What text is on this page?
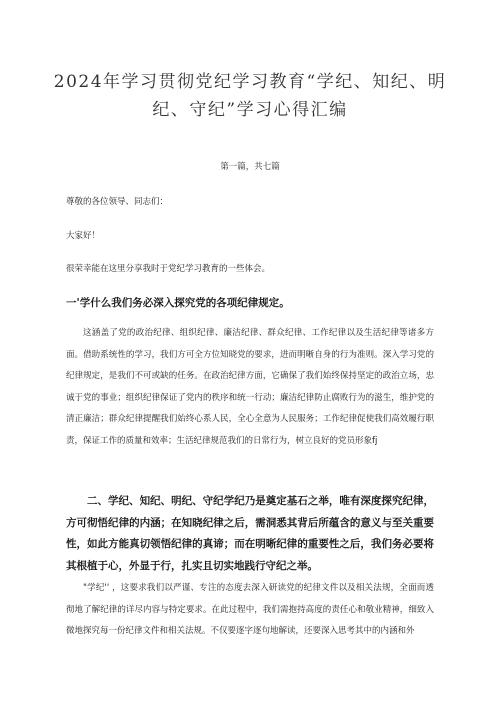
2024年学习贯彻党纪学习教育“学纪、知纪、明纪、守纪”学习心得汇编
第一篇，共七篇

尊敬的各位领导、同志们：

大家好！

很荣幸能在这里分享我时于党纪学习教育的一些体会。

一'学什么我们务必深入探究党的各项纪律规定。

这涵盖了党的政治纪律、组织纪律、廉洁纪律、群众纪律、工作纪律以及生活纪律等诸多方面。借助系统性的学习，我们方可全方位知晓党的要求，进而明晰自身的行为准则。深入学习党的纪律规定，是我们不可或缺的任务。在政治纪律方面，它确保了我们始终保持坚定的政治立场，忠诚于党的事业；组织纪律保证了党内的秩序和统一行动；廉洁纪律防止腐败行为的滋生，维护党的清正廉洁；群众纪律提醒我们始终心系人民，全心全意为人民服务；工作纪律促使我们高效履行职责，保证工作的质量和效率；生活纪律规范我们的日常行为，树立良好的党员形象fj

二、学纪、知纪、明纪、守纪学纪乃是奠定基石之举，唯有深度探究纪律，方可彻悟纪律的内涵；在知晓纪律之后，需洞悉其背后所蕴含的意义与至关重要性，如此方能真切领悟纪律的真谛；而在明晰纪律的重要性之后，我们务必要将其根植于心，外显于行，扎实且切实地践行守纪之举。

"学纪'' ，这要求我们以严谨、专注的态度去深入研读党的纪律文件以及相关法规，全面而透彻地了解纪律的详尽内容与特定要求。在此过程中，我们需抱持高度的责任心和敬业精神，细致入微地探究每一份纪律文件和相关法规。不仅要逐字逐句地解读，还要深入思考其中的内涵和外
